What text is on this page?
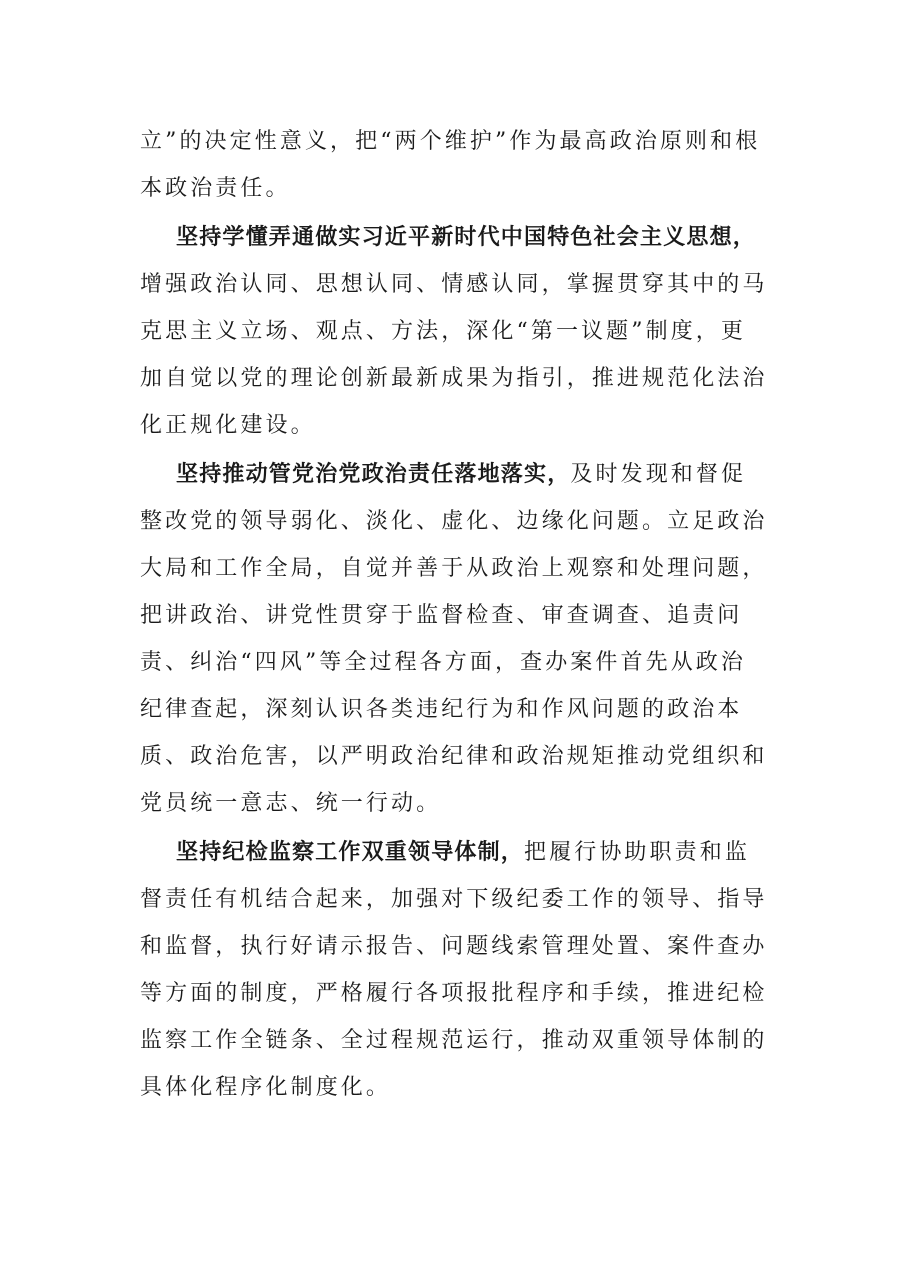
立”的决定性意义，把“两个维护”作为最高政治原则和根本政治责任。

坚持学懂弄通做实习近平新时代中国特色社会主义思想，增强政治认同、思想认同、情感认同，掌握贯穿其中的马克思主义立场、观点、方法，深化“第一议题”制度，更加自觉以党的理论创新最新成果为指引，推进规范化法治化正规化建设。

坚持推动管党治党政治责任落地落实，及时发现和督促整改党的领导弱化、淡化、虚化、边缘化问题。立足政治大局和工作全局，自觉并善于从政治上观察和处理问题，把讲政治、讲党性贯穿于监督检查、审查调查、追责问责、纠治“四风”等全过程各方面，查办案件首先从政治纪律查起，深刻认识各类违纪行为和作风问题的政治本质、政治危害，以严明政治纪律和政治规矩推动党组织和党员统一意志、统一行动。

坚持纪检监察工作双重领导体制，把履行协助职责和监督责任有机结合起来，加强对下级纪委工作的领导、指导和监督，执行好请示报告、问题线索管理处置、案件查办等方面的制度，严格履行各项报批程序和手续，推进纪检监察工作全链条、全过程规范运行，推动双重领导体制的具体化程序化制度化。
